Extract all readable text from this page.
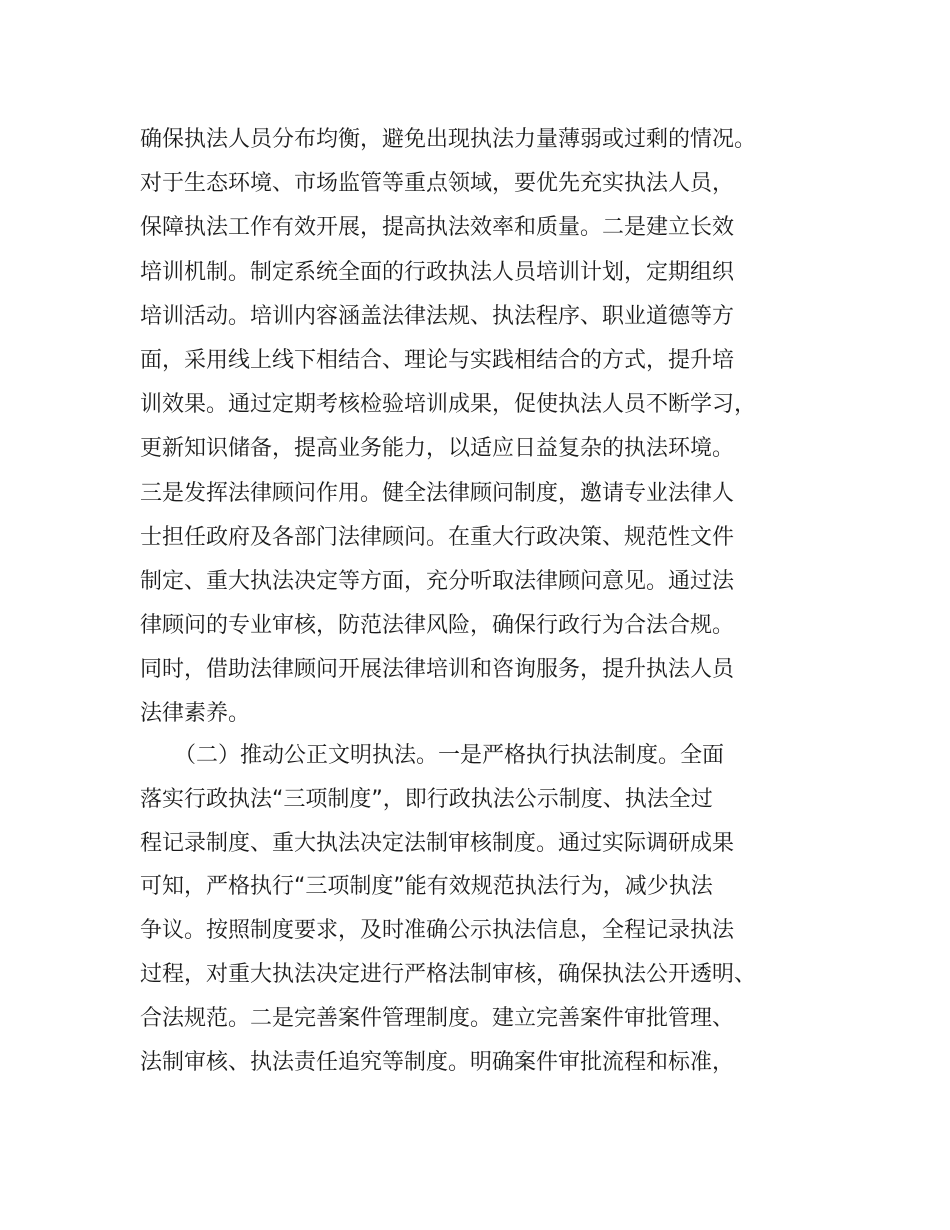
确保执法人员分布均衡，避免出现执法力量薄弱或过剩的情况。
对于生态环境、市场监管等重点领域，要优先充实执法人员，
保障执法工作有效开展，提高执法效率和质量。二是建立长效
培训机制。制定系统全面的行政执法人员培训计划，定期组织
培训活动。培训内容涵盖法律法规、执法程序、职业道德等方
面，采用线上线下相结合、理论与实践相结合的方式，提升培
训效果。通过定期考核检验培训成果，促使执法人员不断学习，
更新知识储备，提高业务能力，以适应日益复杂的执法环境。
三是发挥法律顾问作用。健全法律顾问制度，邀请专业法律人
士担任政府及各部门法律顾问。在重大行政决策、规范性文件
制定、重大执法决定等方面，充分听取法律顾问意见。通过法
律顾问的专业审核，防范法律风险，确保行政行为合法合规。
同时，借助法律顾问开展法律培训和咨询服务，提升执法人员
法律素养。
（二）推动公正文明执法。一是严格执行执法制度。全面
落实行政执法“三项制度”，即行政执法公示制度、执法全过
程记录制度、重大执法决定法制审核制度。通过实际调研成果
可知，严格执行“三项制度”能有效规范执法行为，减少执法
争议。按照制度要求，及时准确公示执法信息，全程记录执法
过程，对重大执法决定进行严格法制审核，确保执法公开透明、
合法规范。二是完善案件管理制度。建立完善案件审批管理、
法制审核、执法责任追究等制度。明确案件审批流程和标准，
